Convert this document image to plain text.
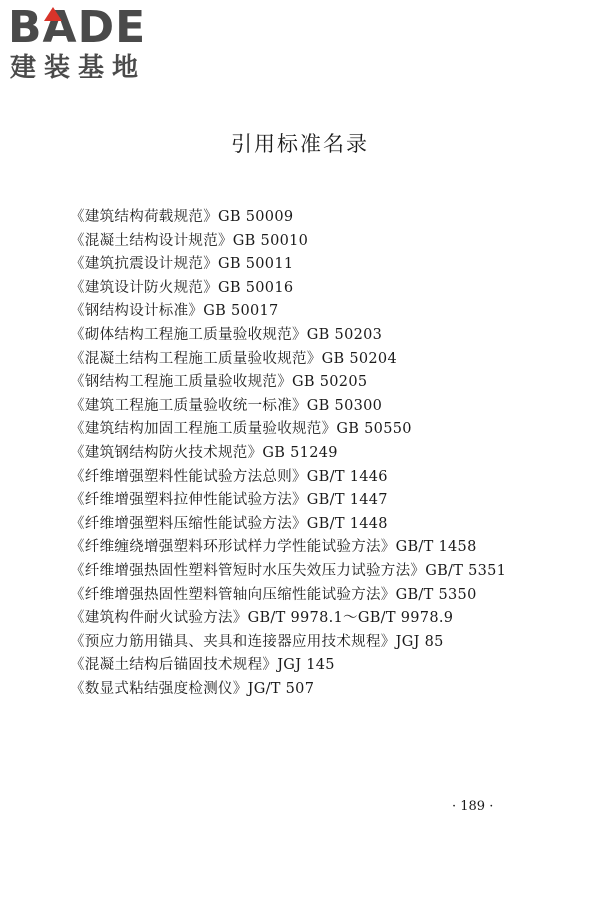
BADE
建装基地
引用标准名录
《建筑结构荷载规范》GB 50009
《混凝土结构设计规范》GB 50010
《建筑抗震设计规范》GB 50011
《建筑设计防火规范》GB 50016
《钢结构设计标准》GB 50017
《砌体结构工程施工质量验收规范》GB 50203
《混凝土结构工程施工质量验收规范》GB 50204
《钢结构工程施工质量验收规范》GB 50205
《建筑工程施工质量验收统一标准》GB 50300
《建筑结构加固工程施工质量验收规范》GB 50550
《建筑钢结构防火技术规范》GB 51249
《纤维增强塑料性能试验方法总则》GB/T 1446
《纤维增强塑料拉伸性能试验方法》GB/T 1447
《纤维增强塑料压缩性能试验方法》GB/T 1448
《纤维缠绕增强塑料环形试样力学性能试验方法》GB/T 1458
《纤维增强热固性塑料管短时水压失效压力试验方法》GB/T 5351
《纤维增强热固性塑料管轴向压缩性能试验方法》GB/T 5350
《建筑构件耐火试验方法》GB/T 9978.1～GB/T 9978.9
《预应力筋用锚具、夹具和连接器应用技术规程》JGJ 85
《混凝土结构后锚固技术规程》JGJ 145
《数显式粘结强度检测仪》JG/T 507
· 189 ·
